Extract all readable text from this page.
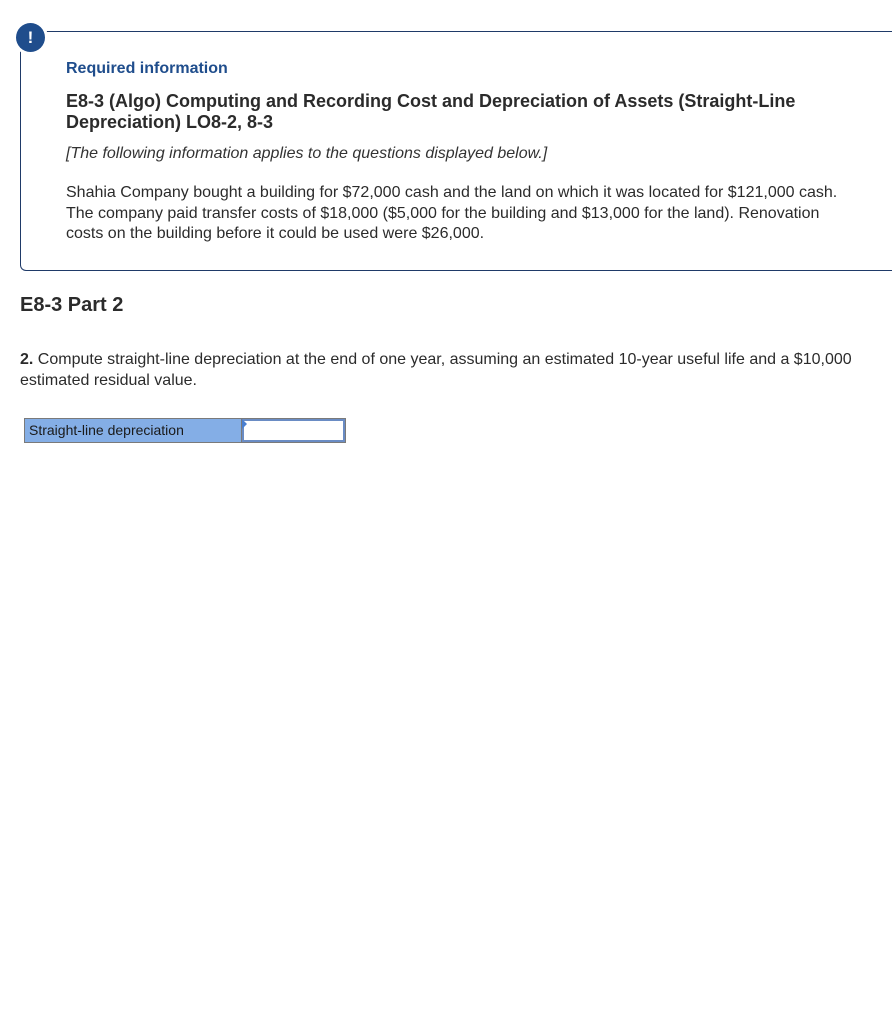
!
Required information
E8-3 (Algo) Computing and Recording Cost and Depreciation of Assets (Straight-Line Depreciation) LO8-2, 8-3

[The following information applies to the questions displayed below.]

Shahia Company bought a building for $72,000 cash and the land on which it was located for $121,000 cash. The company paid transfer costs of $18,000 ($5,000 for the building and $13,000 for the land). Renovation costs on the building before it could be used were $26,000.

E8-3 Part 2

2. Compute straight-line depreciation at the end of one year, assuming an estimated 10-year useful life and a $10,000 estimated residual value.

Straight-line depreciation
